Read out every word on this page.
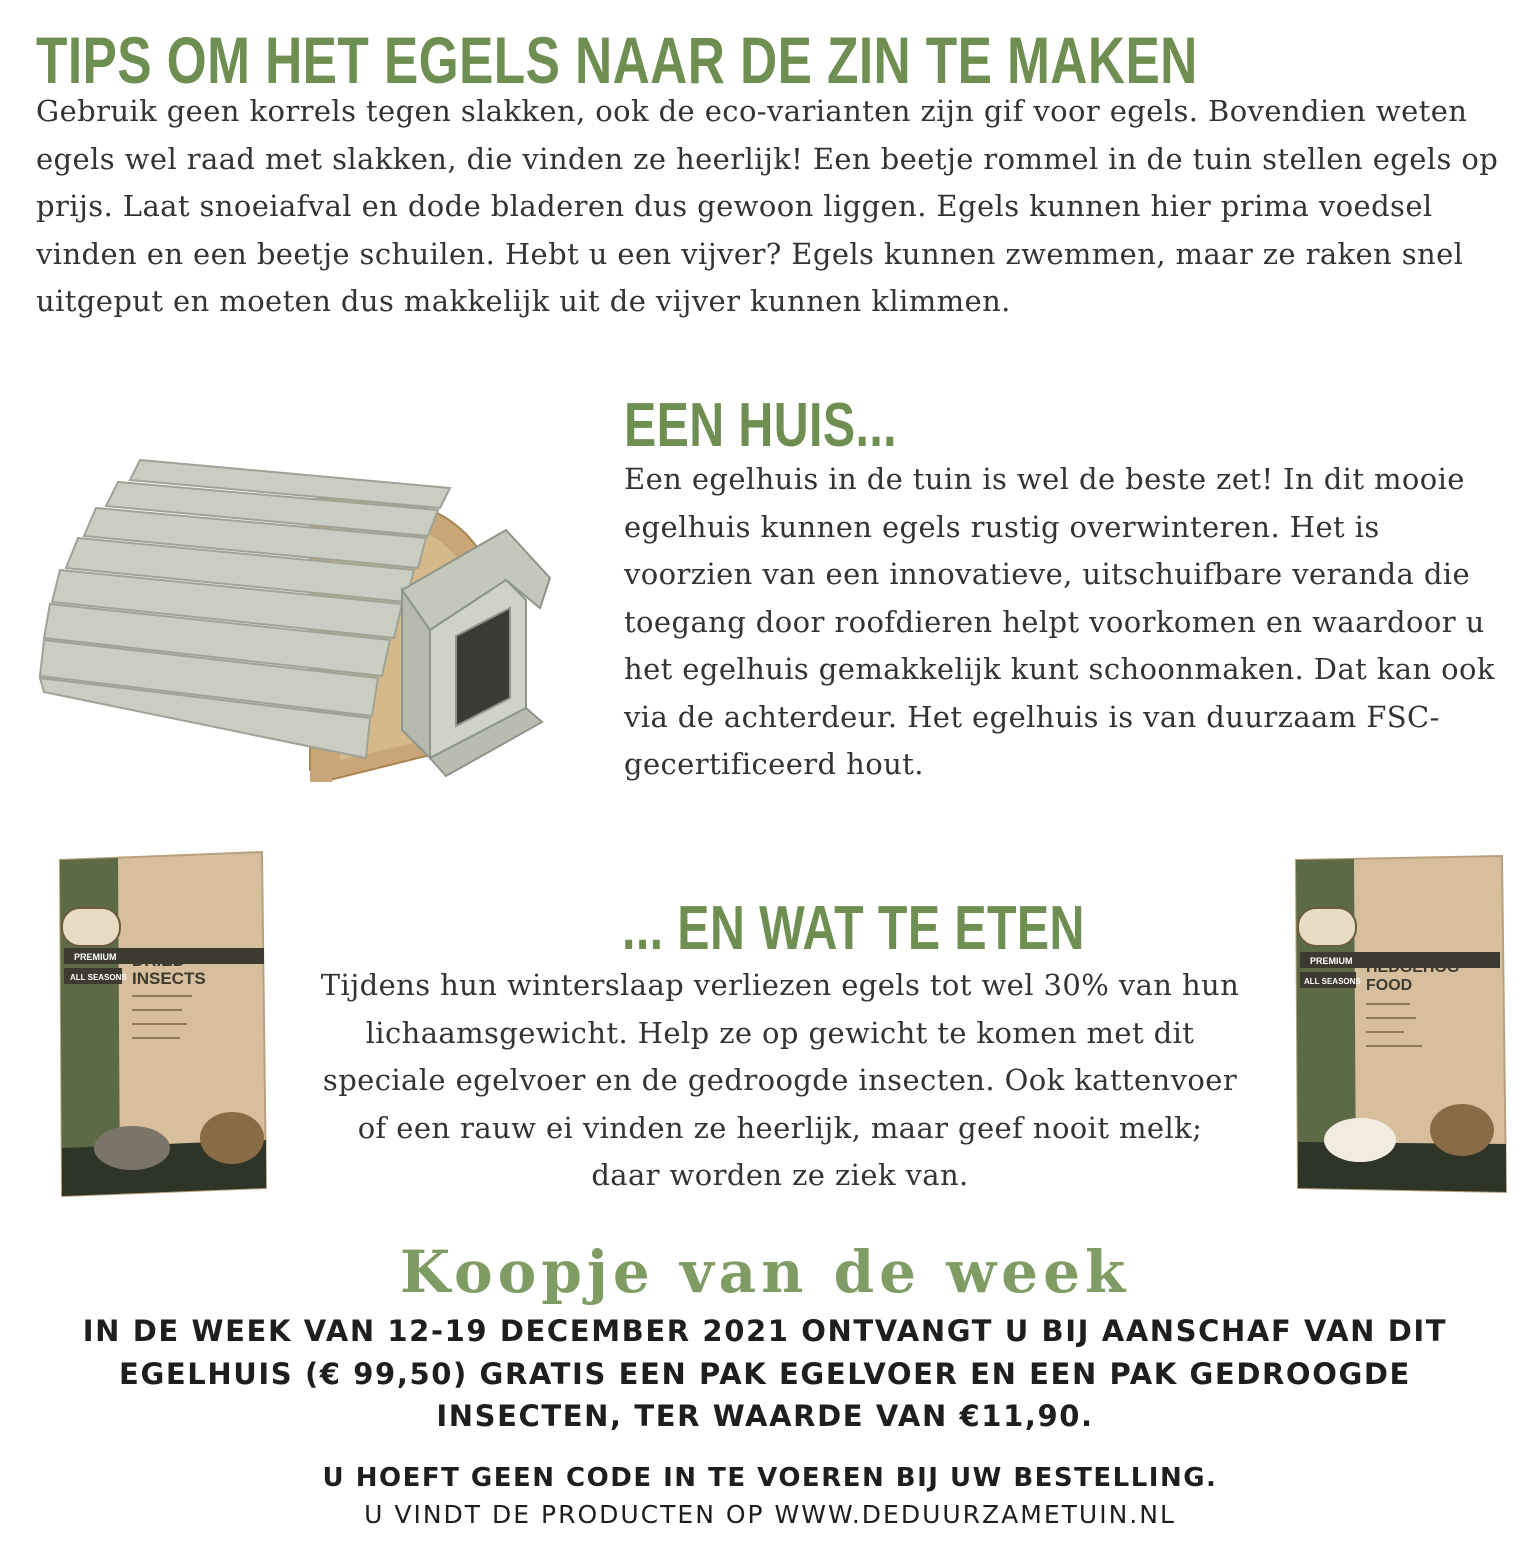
TIPS OM HET EGELS NAAR DE ZIN TE MAKEN

Gebruik geen korrels tegen slakken, ook de eco-varianten zijn gif voor egels. Bovendien weten egels wel raad met slakken, die vinden ze heerlijk! Een beetje rommel in de tuin stellen egels op prijs. Laat snoeiafval en dode bladeren dus gewoon liggen. Egels kunnen hier prima voedsel vinden en een beetje schuilen. Hebt u een vijver? Egels kunnen zwemmen, maar ze raken snel uitgeput en moeten dus makkelijk uit de vijver kunnen klimmen.

EEN HUIS...

Een egelhuis in de tuin is wel de beste zet! In dit mooie egelhuis kunnen egels rustig overwinteren. Het is voorzien van een innovatieve, uitschuifbare veranda die toegang door roofdieren helpt voorkomen en waardoor u het egelhuis gemakkelijk kunt schoonmaken. Dat kan ook via de achterdeur. Het egelhuis is van duurzaam FSC-gecertificeerd hout.

PREMIUM
ALL SEASONS
DRIED
INSECTS

... EN WAT TE ETEN

Tijdens hun winterslaap verliezen egels tot wel 30% van hun lichaamsgewicht. Help ze op gewicht te komen met dit speciale egelvoer en de gedroogde insecten. Ook kattenvoer of een rauw ei vinden ze heerlijk, maar geef nooit melk; daar worden ze ziek van.

PREMIUM
ALL SEASONS
HEDGEHOG
FOOD
Koopje van de week

IN DE WEEK VAN 12-19 DECEMBER 2021 ONTVANGT U BIJ AANSCHAF VAN DIT EGELHUIS (€ 99,50) GRATIS EEN PAK EGELVOER EN EEN PAK GEDROOGDE INSECTEN, TER WAARDE VAN €11,90.

U HOEFT GEEN CODE IN TE VOEREN BIJ UW BESTELLING.

U VINDT DE PRODUCTEN OP WWW.DEDUURZAMETUIN.NL
